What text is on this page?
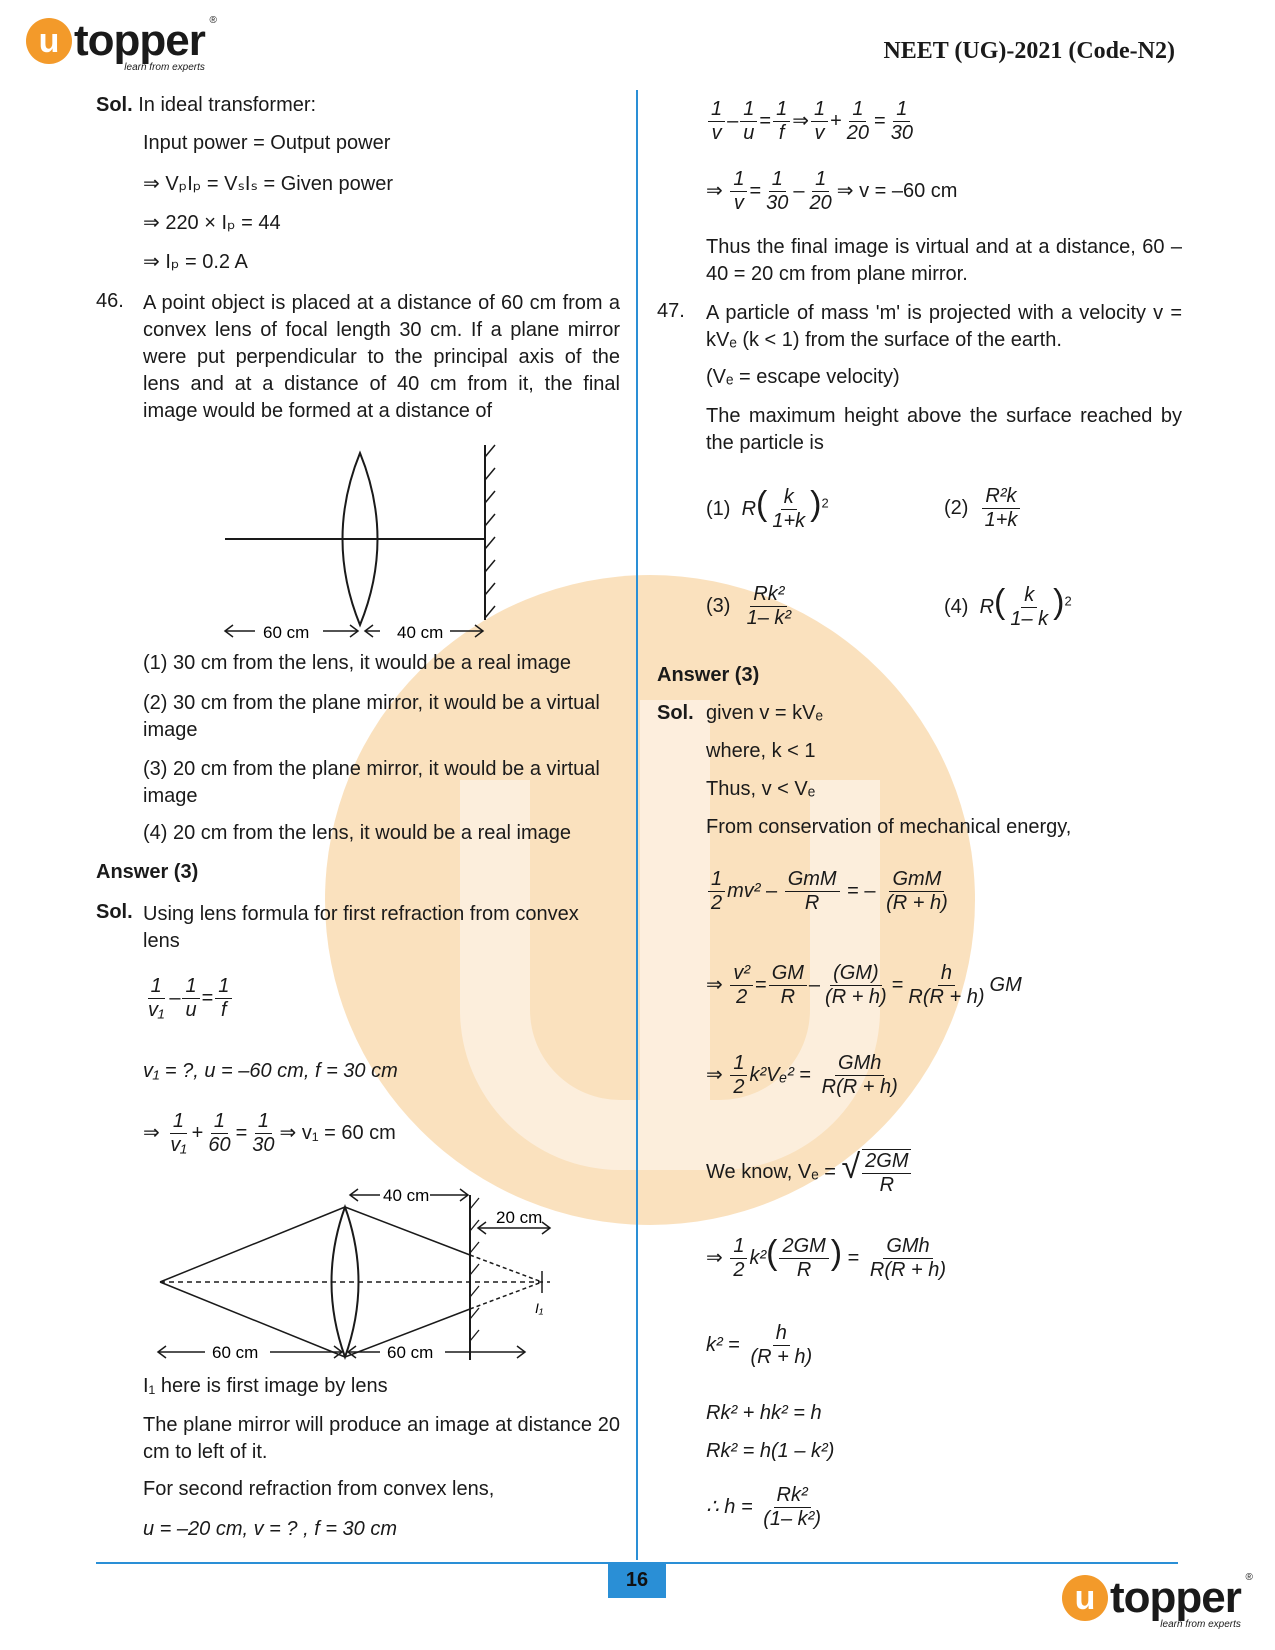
u topper ®
learn from experts
NEET (UG)-2021 (Code-N2)
Sol. In ideal transformer:
Input power = Output power
⇒ VₚIₚ = VₛIₛ = Given power
⇒ 220 × Iₚ = 44
⇒ Iₚ = 0.2 A
46. A point object is placed at a distance of 60 cm from a convex lens of focal length 30 cm. If a plane mirror were put perpendicular to the principal axis of the lens and at a distance of 40 cm from it, the final image would be formed at a distance of
60 cm	40 cm
(1) 30 cm from the lens, it would be a real image
(2) 30 cm from the plane mirror, it would be a virtual image
(3) 20 cm from the plane mirror, it would be a virtual image
(4) 20 cm from the lens, it would be a real image
Answer (3)
Sol. Using lens formula for first refraction from convex lens
$\frac{1}{\text{v₁}} - \frac{1}{u} = \frac{1}{f}$
v₁ = ?, u = –60 cm, f = 30 cm
⇒ $\frac{1}{\text{v₁}} + \frac{1}{60} = \frac{1}{30}$ ⇒ v₁ = 60 cm
40 cm
20 cm
60 cm	60 cm
I₁
I₁ here is first image by lens
The plane mirror will produce an image at distance 20 cm to left of it.
For second refraction from convex lens,
u = –20 cm, v = ? , f = 30 cm
$\frac{1}{v} - \frac{1}{u} = \frac{1}{f}$ ⇒ $\frac{1}{v} + \frac{1}{20} = \frac{1}{30}$
⇒ $\frac{1}{v} = \frac{1}{30} - \frac{1}{20}$ ⇒ v = –60 cm
Thus the final image is virtual and at a distance, 60 – 40 = 20 cm from plane mirror.
47. A particle of mass 'm' is projected with a velocity v = kVₑ (k < 1) from the surface of the earth.
(Vₑ = escape velocity)
The maximum height above the surface reached by the particle is
(1) $R( \frac{k}{1+k} )^2$	$(2) \frac{\text{R²k}}{1+k}$
$(3) \frac{\text{Rk²}}{\text{1– k²}}$	(4) $R( \frac{k}{1- k} )^2$
Answer (3)
Sol. given v = kVₑ
where, k < 1
Thus, v < Vₑ
From conservation of mechanical energy,
$\frac{1}{2} mv^2 - \frac{\text{GmM}}{R}$ = – $\frac{\text{GmM}}{(R + h)}$
⇒ $\frac{\text{v²}}{2} = \frac{GM}{R} - \frac{(GM)}{(R + h)} = \frac{h}{R(R + h)}$ GM
⇒ $\frac{1}{2} k^2V_e^2 = \frac{\text{GMh}}{R(R + h)}$
We know, Vₑ = √ $\frac{2GM}{R}$
⇒ $\frac{1}{2} k^2( \frac{2GM}{R}$ ) = $\frac{\text{GMh}}{R(R + h)}$
$k^2 = \frac{h}{(R + h)}$
Rk² + hk² = h
Rk² = h(1 – k²)
∴ $h = \frac{\text{Rk²}}{\text{(1– k²)}}$
16	u topper ®
learn from experts
